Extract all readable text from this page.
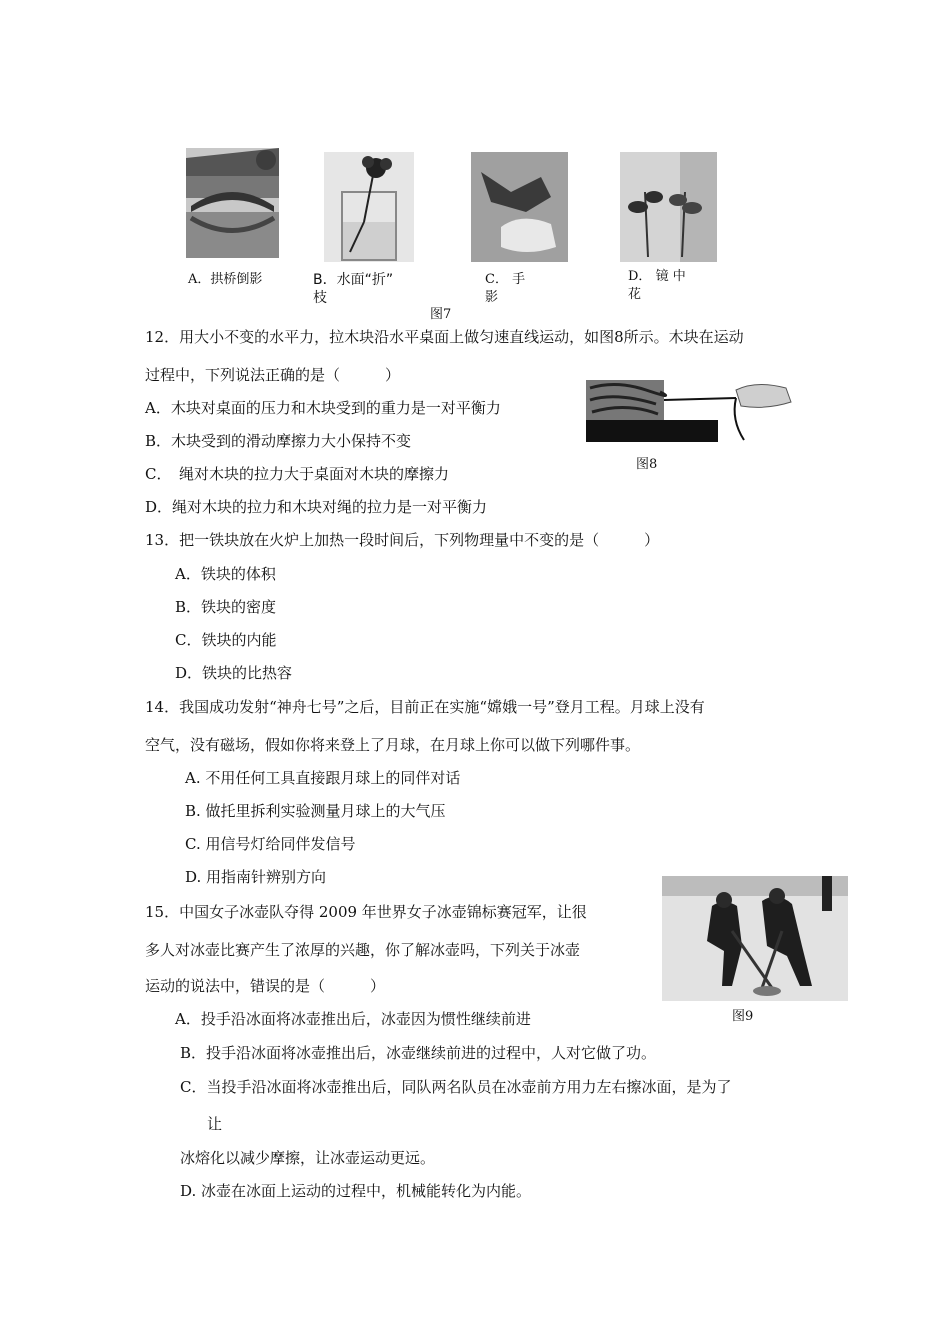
A．拱桥倒影	B．水面“折”
枝
C． 手
影
D． 镜 中
花
图7
12．用大小不变的水平力，拉木块沿水平桌面上做匀速直线运动，如图8所示。木块在运动
过程中，下列说法正确的是（　　　）
A．木块对桌面的压力和木块受到的重力是一对平衡力
B．木块受到的滑动摩擦力大小保持不变
C．　绳对木块的拉力大于桌面对木块的摩擦力
D．绳对木块的拉力和木块对绳的拉力是一对平衡力
图8
13．把一铁块放在火炉上加热一段时间后，下列物理量中不变的是（　　　）
A．铁块的体积
B．铁块的密度
C．铁块的内能
D．铁块的比热容
14．我国成功发射“神舟七号”之后，目前正在实施“嫦娥一号”登月工程。月球上没有
空气，没有磁场，假如你将来登上了月球，在月球上你可以做下列哪件事。
A. 不用任何工具直接跟月球上的同伴对话
B. 做托里拆利实验测量月球上的大气压
C. 用信号灯给同伴发信号
D. 用指南针辨别方向
图9
15．中国女子冰壶队夺得 2009 年世界女子冰壶锦标赛冠军，让很
多人对冰壶比赛产生了浓厚的兴趣，你了解冰壶吗，下列关于冰壶
运动的说法中，错误的是（　　　）
A．投手沿冰面将冰壶推出后，冰壶因为惯性继续前进
B．投手沿冰面将冰壶推出后，冰壶继续前进的过程中，人对它做了功。
C．当投手沿冰面将冰壶推出后，同队两名队员在冰壶前方用力左右擦冰面，是为了
让
冰熔化以减少摩擦，让冰壶运动更远。
D. 冰壶在冰面上运动的过程中，机械能转化为内能。
